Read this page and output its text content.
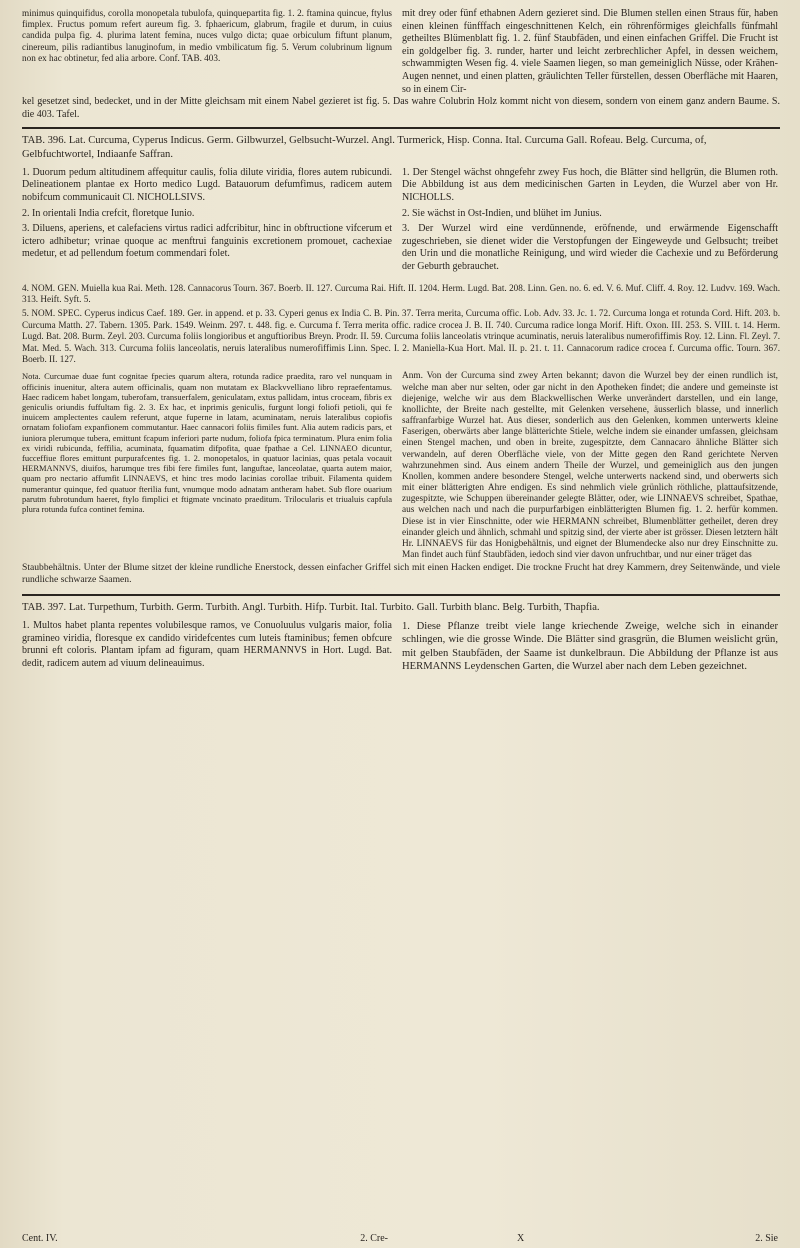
minimus quinquifidus, corolla monopetala tubulofa, quinquepartita fig. 1. 2. ftamina quincue, ftylus fimplex. Fructus pomum refert aureum fig. 3. fphaericum, glabrum, fragile et durum, in cuius candida pulpa fig. 4. plurima latent femina, nuces vulgo dicta; quae orbiculum fiftunt planum, cinereum, pilis radiantibus lanuginofum, in medio vmbilicatum fig. 5. Verum colubrinum lignum non ex hac obtinetur, fed alia arbore. Conf. TAB. 403.
mit drey oder fünf ethabnen Adern gezieret sind. Die Blumen stellen einen Straus für, haben einen kleinen fünfffach eingeschnittenen Kelch, ein röhrenförmiges gleichfalls fünfmahl getheiltes Blümenblatt fig. 1. 2. fünf Staubfäden, und einen einfachen Griffel. Die Frucht ist ein goldgelber fig. 3. runder, harter und leicht zerbrechlicher Apfel, in dessen weichem, schwammigten Wesen fig. 4. viele Saamen liegen, so man gemeiniglich Nüsse, oder Krähen-Augen nennet, und einen platten, gräulichten Teller fürstellen, dessen Oberfläche mit Haaren, so in einem Cir-
kel gesetzet sind, bedecket, und in der Mitte gleichsam mit einem Nabel gezieret ist fig. 5. Das wahre Colubrin Holz kommt nicht von diesem, sondern von einem ganz andern Baume. S. die 403. Tafel.
TAB. 396. Lat. Curcuma, Cyperus Indicus. Germ. Gilbwurzel, Gelbsucht-Wurzel. Angl. Turmerick, Hisp. Conna. Ital. Curcuma Gall. Rofeau. Belg. Curcuma, of, Gelbfuchtwortel, Indiaanfe Saffran.

1. Duorum pedum altitudinem affequitur caulis, folia dilute viridia, flores autem rubicundi. Delineationem plantae ex Horto medico Lugd. Batauorum defumfimus, radicem autem nobifcum communicauit Cl. NICHOLLSIVS.

2. In orientali India crefcit, floretque Iunio.

3. Diluens, aperiens, et calefaciens virtus radici adfcribitur, hinc in obftructione vifcerum et ictero adhibetur; vrinae quoque ac menftrui fanguinis excretionem promouet, cachexiae medetur, et ad pellendum foetum commendari folet.

1. Der Stengel wächst ohngefehr zwey Fus hoch, die Blätter sind hellgrün, die Blumen roth. Die Abbildung ist aus dem medicinischen Garten in Leyden, die Wurzel aber von Hr. NICHOLLS.

2. Sie wächst in Ost-Indien, und blühet im Junius.

3. Der Wurzel wird eine verdünnende, eröfnende, und erwärmende Eigenschafft zugeschrieben, sie dienet wider die Verstopfungen der Eingeweyde und Gelbsucht; treibet den Urin und die monatliche Reinigung, und wird wieder die Cachexie und zu Beförderung der Geburth gebrauchet.

4. NOM. GEN. Muiella kua Rai. Meth. 128. Cannacorus Tourn. 367. Boerb. II. 127. Curcuma Rai. Hift. II. 1204. Herm. Lugd. Bat. 208. Linn. Gen. no. 6. ed. V. 6. Muf. Cliff. 4. Roy. 12. Ludvv. 169. Wach. 313. Heift. Syft. 5.

5. NOM. SPEC. Cyperus indicus Caef. 189. Ger. in append. et p. 33. Cyperi genus ex India C. B. Pin. 37. Terra merita, Curcuma offic. Lob. Adv. 33. Jc. 1. 72. Curcuma longa et rotunda Cord. Hift. 203. b. Curcuma Matth. 27. Tabern. 1305. Park. 1549. Weinm. 297. t. 448. fig. e. Curcuma f. Terra merita offic. radice crocea J. B. II. 740. Curcuma radice longa Morif. Hift. Oxon. III. 253. S. VIII. t. 14. Herm. Lugd. Bat. 208. Burm. Zeyl. 203. Curcuma foliis longioribus et anguftioribus Breyn. Prodr. II. 59. Curcuma foliis lanceolatis vtrinque acuminatis, neruis lateralibus numerofiffimis Roy. 12. Linn. Fl. Zeyl. 7. Mat. Med. 5. Wach. 313. Curcuma foliis lanceolatis, neruis lateralibus numerofiffimis Linn. Spec. I. 2. Maniella-Kua Hort. Mal. II. p. 21. t. 11. Cannacorum radice crocea f. Curcuma offic. Tourn. 367. Boerb. II. 127.

Nota. Curcumae duae funt cognitae fpecies quarum altera, rotunda radice praedita, raro vel nunquam in officinis inuenitur, altera autem officinalis, quam non mutatam ex Blackvvelliano libro repraefentamus. Haec radicem habet longam, tuberofam, transuerfalem, geniculatam, extus pallidam, intus croceam, fibris ex geniculis oriundis fuffultam fig. 2. 3. Ex hac, et inprimis geniculis, furgunt longi foliofi petioli, qui fe inuicem amplectentes caulem referunt, atque fuperne in latam, acuminatam, neruis lateralibus copiofis ornatam foliofam expanfionem commutantur. Haec cannacori foliis fimiles funt. Alia autem radicis pars, et iuniora plerumque tubera, emittunt fcapum inferiori parte nudum, foliofa fpica terminatum. Plura enim folia ex viridi rubicunda, feffilia, acuminata, fquamatim difpofita, quae fpathae a Cel. LINNAEO dicuntur, fucceffiue flores emittunt purpurafcentes fig. 1. 2. monopetalos, in quatuor lacinias, quas petala vocauit HERMANNVS, diuifos, harumque tres fibi fere fimiles funt, languftae, lanceolatae, quarta autem maior, quam pro nectario affumfit LINNAEVS, et hinc tres modo lacinias corollae tribuit. Filamenta quidem numerantur quinque, fed quatuor fterilia funt, vnumque modo adnatam antheram habet. Sub flore ouarium parutm fubrotundum haeret, ftylo fimplici et ftigmate vncinato praeditum. Trilocularis et triualuis capfula plura rotunda fufca continet femina.
Anm. Von der Curcuma sind zwey Arten bekannt; davon die Wurzel bey der einen rundlich ist, welche man aber nur selten, oder gar nicht in den Apotheken findet; die andere und gemeinste ist diejenige, welche wir aus dem Blackwellischen Werke unverändert darstellen, und ein lange, knollichte, der Breite nach gestellte, mit Gelenken versehene, äusserlich blasse, und innerlich saffranfarbige Wurzel hat. Aus dieser, sonderlich aus den Gelenken, kommen unterwerts kleine Faserigen, oberwärts aber lange blätterichte Stiele, welche indem sie einander umfassen, gleichsam einen Stengel machen, und oben in breite, zugespitzte, dem Cannacaro ähnliche Blätter sich verwandeln, auf deren Oberfläche viele, von der Mitte gegen den Rand gerichtete Nerven wahrzunehmen sind. Aus einem andern Theile der Wurzel, und gemeiniglich aus den jungen Knollen, kommen andere besondere Stengel, welche unterwerts nackend sind, und oberwerts sich mit einer blätterigten Ahre endigen. Es sind nehmlich viele grünlich röthliche, plattaufsitzende, zugespitzte, wie Schuppen übereinander gelegte Blätter, oder, wie LINNAEVS schreibet, Spathae, aus welchen nach und nach die purpurfarbigen einblätterigten Blumen fig. 1. 2. herfür kommen. Diese ist in vier Einschnitte, oder wie HERMANN schreibet, Blumenblätter getheilet, deren drey einander gleich und ähnlich, schmahl und spitzig sind, der vierte aber ist grösser. Diesen letztern hält Hr. LINNAEVS für das Honigbehältnis, und eignet der Blumendecke also nur drey Einschnitte zu. Man findet auch fünf Staubfäden, iedoch sind vier davon unfruchtbar, und nur einer träget das
Staubbehältnis. Unter der Blume sitzet der kleine rundliche Enerstock, dessen einfacher Griffel sich mit einen Hacken endiget. Die trockne Frucht hat drey Kammern, drey Seitenwände, und viele rundliche schwarze Saamen.
TAB. 397. Lat. Turpethum, Turbith. Germ. Turbith. Angl. Turbith. Hifp. Turbit. Ital. Turbito. Gall. Turbith blanc. Belg. Turbith, Thapfia.
1. Multos habet planta repentes volubilesque ramos, ve Conuoluulus vulgaris maior, folia gramineo viridia, floresque ex candido viridefcentes cum luteis ftaminibus; femen obfcure brunni eft coloris. Plantam ipfam ad figuram, quam HERMANNVS in Hort. Lugd. Bat. dedit, radicem autem ad viuum delineauimus.
1. Diese Pflanze treibt viele lange kriechende Zweige, welche sich in einander schlingen, wie die grosse Winde. Die Blätter sind grasgrün, die Blumen weislicht grün, mit gelben Staubfäden, der Saame ist dunkelbraun. Die Abbildung der Pflanze ist aus HERMANNS Leydenschen Garten, die Wurzel aber nach dem Leben gezeichnet.
Cent. IV.	2. Cre-	X	2. Sie
